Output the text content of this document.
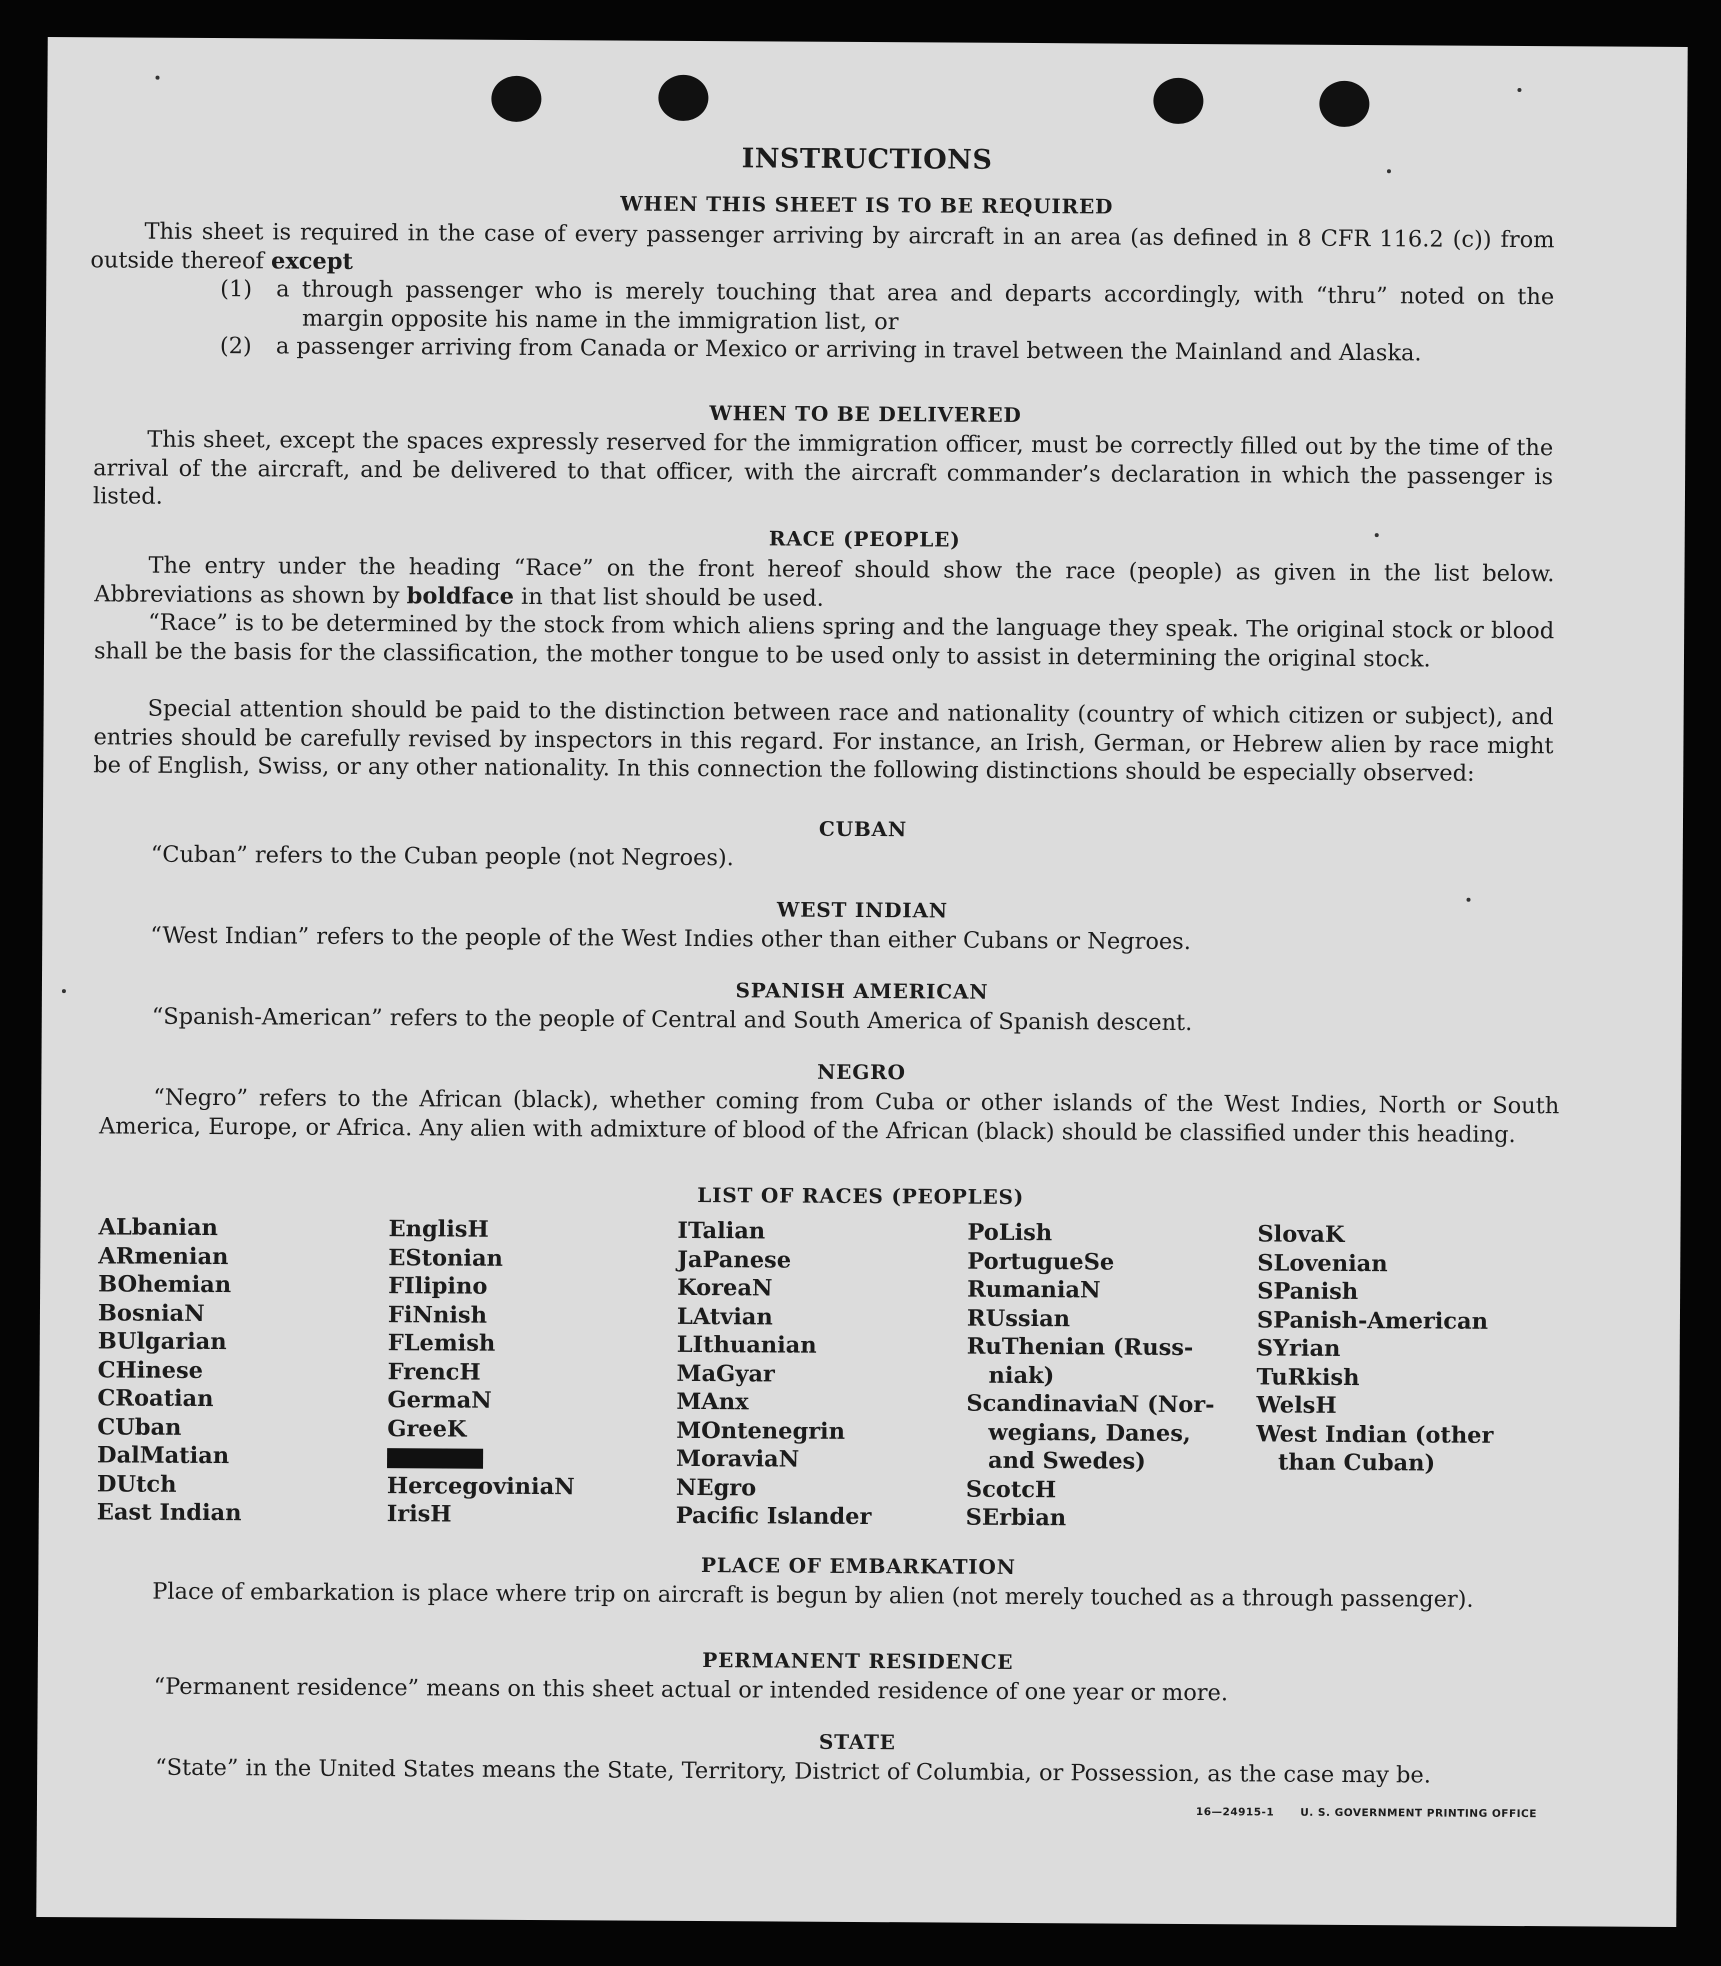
INSTRUCTIONS
WHEN THIS SHEET IS TO BE REQUIRED
This sheet is required in the case of every passenger arriving by aircraft in an area (as defined in 8 CFR 116.2 (c)) from outside thereof except
(1)	a through passenger who is merely touching that area and departs accordingly, with “thru” noted on the margin opposite his name in the immigration list, or
(2)	a passenger arriving from Canada or Mexico or arriving in travel between the Mainland and Alaska.
WHEN TO BE DELIVERED
This sheet, except the spaces expressly reserved for the immigration officer, must be correctly filled out by the time of the arrival of the aircraft, and be delivered to that officer, with the aircraft commander’s declaration in which the passenger is listed.
RACE (PEOPLE)
The entry under the heading “Race” on the front hereof should show the race (people) as given in the list below. Abbreviations as shown by boldface in that list should be used.
“Race” is to be determined by the stock from which aliens spring and the language they speak. The original stock or blood shall be the basis for the classification, the mother tongue to be used only to assist in determining the original stock.
Special attention should be paid to the distinction between race and nationality (country of which citizen or subject), and entries should be carefully revised by inspectors in this regard. For instance, an Irish, German, or Hebrew alien by race might be of English, Swiss, or any other nationality. In this connection the following distinctions should be especially observed:
CUBAN
“Cuban” refers to the Cuban people (not Negroes).
WEST INDIAN
“West Indian” refers to the people of the West Indies other than either Cubans or Negroes.
SPANISH AMERICAN
“Spanish-American” refers to the people of Central and South America of Spanish descent.
NEGRO
“Negro” refers to the African (black), whether coming from Cuba or other islands of the West Indies, North or South America, Europe, or Africa. Any alien with admixture of blood of the African (black) should be classified under this heading.
LIST OF RACES (PEOPLES)
ALbanian
ARmenian
BOhemian
BosniaN
BUlgarian
CHinese
CRoatian
CUban
DalMatian
DUtch
East Indian
EnglisH
EStonian
FIlipino
FiNnish
FLemish
FrencH
GermaN
GreeK
HercegoviniaN
IrisH
ITalian
JaPanese
KoreaN
LAtvian
LIthuanian
MaGyar
MAnx
MOntenegrin
MoraviaN
NEgro
Pacific Islander
PoLish
PortugueSe
RumaniaN
RUssian
RuThenian (Russ-
niak)
ScandinaviaN (Nor-
wegians, Danes,
and Swedes)
ScotcH
SErbian
SlovaK
SLovenian
SPanish
SPanish-American
SYrian
TuRkish
WelsH
West Indian (other
than Cuban)
PLACE OF EMBARKATION
Place of embarkation is place where trip on aircraft is begun by alien (not merely touched as a through passenger).
PERMANENT RESIDENCE
“Permanent residence” means on this sheet actual or intended residence of one year or more.
STATE
“State” in the United States means the State, Territory, District of Columbia, or Possession, as the case may be.
16—24915-1 U. S. GOVERNMENT PRINTING OFFICE
